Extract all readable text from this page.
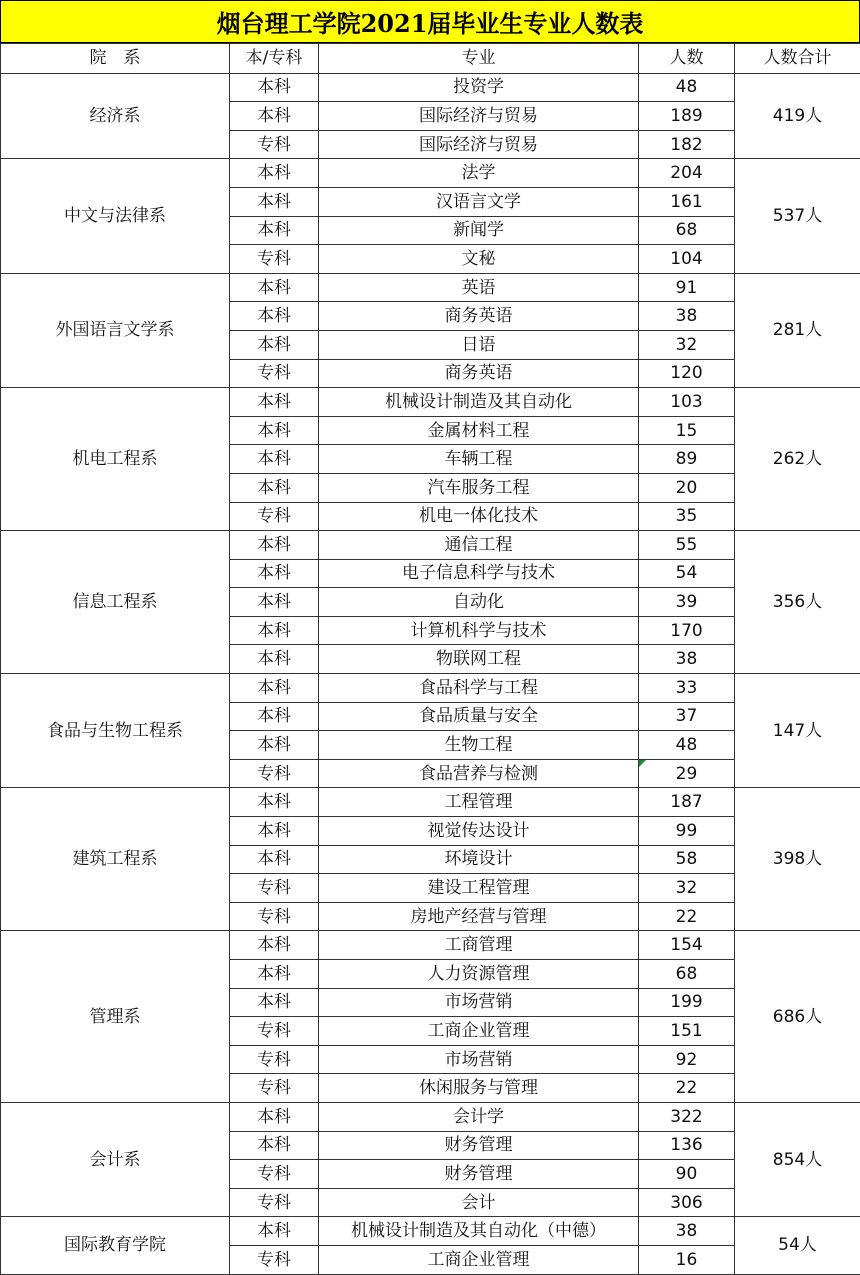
烟台理工学院2021届毕业生专业人数表
院　系	本/专科	专业	人数	人数合计
经济系	本科	投资学	48	419人
	本科	国际经济与贸易	189	
	专科	国际经济与贸易	182	
中文与法律系	本科	法学	204	537人
	本科	汉语言文学	161	
	本科	新闻学	68	
	专科	文秘	104	
外国语言文学系	本科	英语	91	281人
	本科	商务英语	38	
	本科	日语	32	
	专科	商务英语	120	
机电工程系	本科	机械设计制造及其自动化	103	262人
	本科	金属材料工程	15	
	本科	车辆工程	89	
	本科	汽车服务工程	20	
	专科	机电一体化技术	35	
信息工程系	本科	通信工程	55	356人
	本科	电子信息科学与技术	54	
	本科	自动化	39	
	本科	计算机科学与技术	170	
	本科	物联网工程	38	
食品与生物工程系	本科	食品科学与工程	33	147人
	本科	食品质量与安全	37	
	本科	生物工程	48	
	专科	食品营养与检测	29	

建筑工程系	本科	工程管理	187	398人
	本科	视觉传达设计	99	
	本科	环境设计	58	
	专科	建设工程管理	32	
	专科	房地产经营与管理	22	
管理系	本科	工商管理	154	686人
	本科	人力资源管理	68	
	本科	市场营销	199	
	专科	工商企业管理	151	
	专科	市场营销	92	
	专科	休闲服务与管理	22	
会计系	本科	会计学	322	854人
	本科	财务管理	136	
	专科	财务管理	90	
	专科	会计	306	
国际教育学院	本科	机械设计制造及其自动化（中德）	38	54人
	专科	工商企业管理	16	
